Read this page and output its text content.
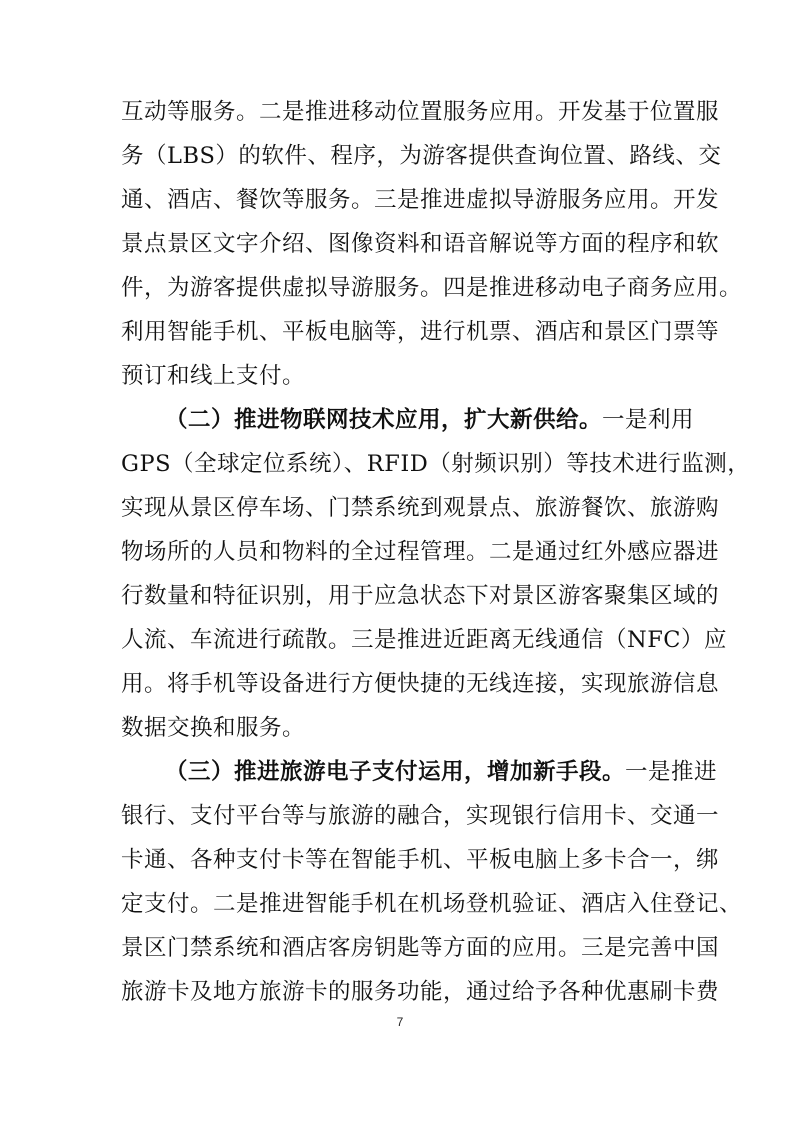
互动等服务。二是推进移动位置服务应用。开发基于位置服
务（LBS）的软件、程序，为游客提供查询位置、路线、交
通、酒店、餐饮等服务。三是推进虚拟导游服务应用。开发
景点景区文字介绍、图像资料和语音解说等方面的程序和软
件，为游客提供虚拟导游服务。四是推进移动电子商务应用。
利用智能手机、平板电脑等，进行机票、酒店和景区门票等
预订和线上支付。
（二）推进物联网技术应用，扩大新供给。一是利用
GPS（全球定位系统）、RFID（射频识别）等技术进行监测，
实现从景区停车场、门禁系统到观景点、旅游餐饮、旅游购
物场所的人员和物料的全过程管理。二是通过红外感应器进
行数量和特征识别，用于应急状态下对景区游客聚集区域的
人流、车流进行疏散。三是推进近距离无线通信（NFC）应
用。将手机等设备进行方便快捷的无线连接，实现旅游信息
数据交换和服务。
（三）推进旅游电子支付运用，增加新手段。一是推进
银行、支付平台等与旅游的融合，实现银行信用卡、交通一
卡通、各种支付卡等在智能手机、平板电脑上多卡合一，绑
定支付。二是推进智能手机在机场登机验证、酒店入住登记、
景区门禁系统和酒店客房钥匙等方面的应用。三是完善中国
旅游卡及地方旅游卡的服务功能，通过给予各种优惠刷卡费
7
